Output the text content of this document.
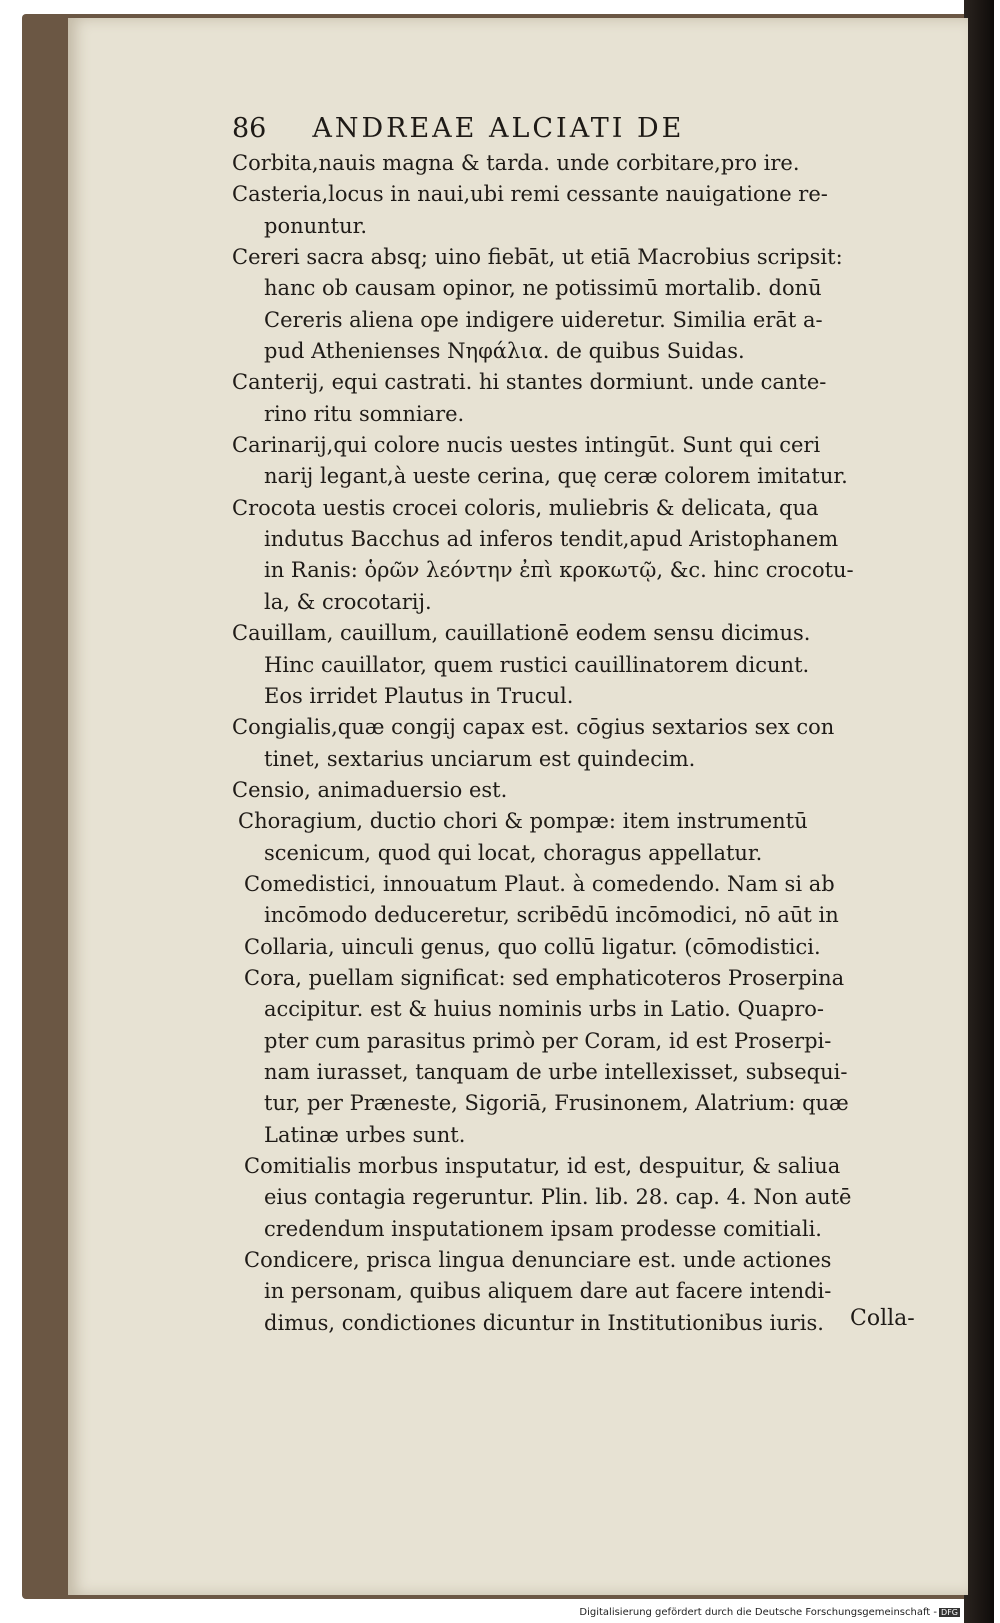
86 ANDREAE ALCIATI DE
Corbita,nauis magna & tarda. unde corbitare,pro ire.
Casteria,locus in naui,ubi remi cessante nauigatione re-
ponuntur.
Cereri sacra absq; uino fiebāt, ut etiā Macrobius scripsit:
hanc ob causam opinor, ne potissimū mortalib. donū
Cereris aliena ope indigere uideretur. Similia erāt a-
pud Athenienses Νηφάλια. de quibus Suidas.
Canterij, equi castrati. hi stantes dormiunt. unde cante-
rino ritu somniare.
Carinarij,qui colore nucis uestes intingūt. Sunt qui ceri
narij legant,à ueste cerina, quę ceræ colorem imitatur.
Crocota uestis crocei coloris, muliebris & delicata, qua
indutus Bacchus ad inferos tendit,apud Aristophanem
in Ranis: ὁρῶν λεόντην ἐπὶ κροκωτῷ, &c. hinc crocotu-
la, & crocotarij.
Cauillam, cauillum, cauillationē eodem sensu dicimus.
Hinc cauillator, quem rustici cauillinatorem dicunt.
Eos irridet Plautus in Trucul.
Congialis,quæ congij capax est. cōgius sextarios sex con
tinet, sextarius unciarum est quindecim.
Censio, animaduersio est.
Choragium, ductio chori & pompæ: item instrumentū
scenicum, quod qui locat, choragus appellatur.
Comedistici, innouatum Plaut. à comedendo. Nam si ab
incōmodo deduceretur, scribēdū incōmodici, nō aūt in
Collaria, uinculi genus, quo collū ligatur. (cōmodistici.
Cora, puellam significat: sed emphaticoteros Proserpina
accipitur. est & huius nominis urbs in Latio. Quapro-
pter cum parasitus primò per Coram, id est Proserpi-
nam iurasset, tanquam de urbe intellexisset, subsequi-
tur, per Præneste, Sigoriā, Frusinonem, Alatrium: quæ
Latinæ urbes sunt.
Comitialis morbus insputatur, id est, despuitur, & saliua
eius contagia regeruntur. Plin. lib. 28. cap. 4. Non autē
credendum insputationem ipsam prodesse comitiali.
Condicere, prisca lingua denunciare est. unde actiones
in personam, quibus aliquem dare aut facere intendi-
dimus, condictiones dicuntur in Institutionibus iuris.	Colla-
Digitalisierung gefördert durch die Deutsche Forschungsgemeinschaft - DFG
